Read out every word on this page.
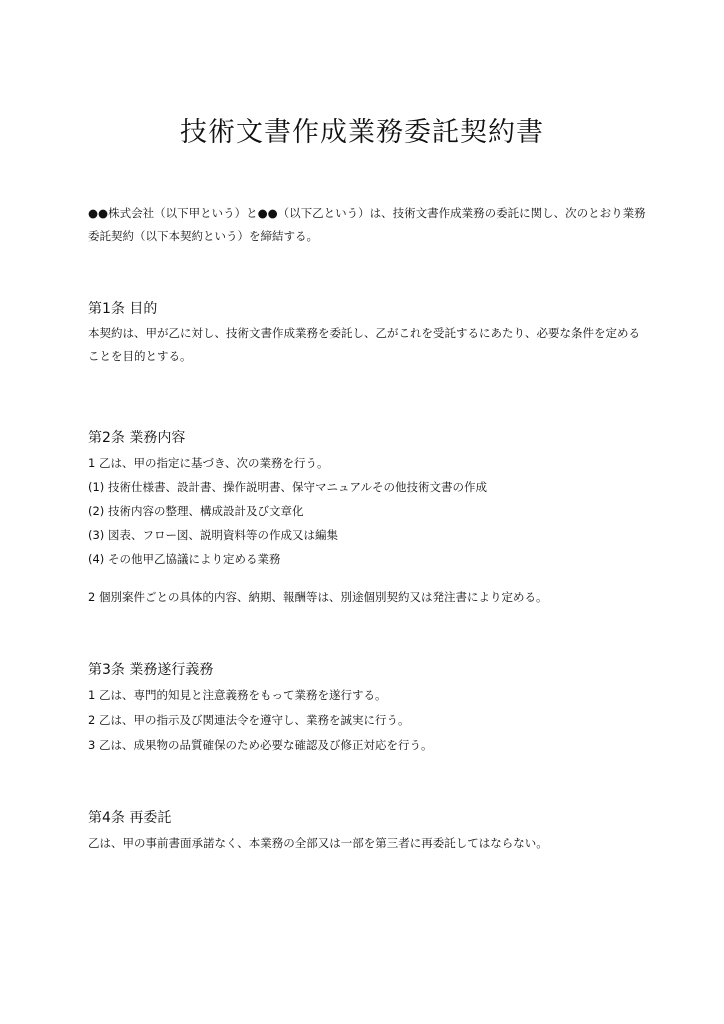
技術文書作成業務委託契約書
●●株式会社（以下甲という）と●●（以下乙という）は、技術文書作成業務の委託に関し、次のとおり業務委託契約（以下本契約という）を締結する。
第1条 目的
本契約は、甲が乙に対し、技術文書作成業務を委託し、乙がこれを受託するにあたり、必要な条件を定めることを目的とする。
第2条 業務内容
1 乙は、甲の指定に基づき、次の業務を行う。
(1) 技術仕様書、設計書、操作説明書、保守マニュアルその他技術文書の作成
(2) 技術内容の整理、構成設計及び文章化
(3) 図表、フロー図、説明資料等の作成又は編集
(4) その他甲乙協議により定める業務
2 個別案件ごとの具体的内容、納期、報酬等は、別途個別契約又は発注書により定める。
第3条 業務遂行義務
1 乙は、専門的知見と注意義務をもって業務を遂行する。
2 乙は、甲の指示及び関連法令を遵守し、業務を誠実に行う。
3 乙は、成果物の品質確保のため必要な確認及び修正対応を行う。
第4条 再委託
乙は、甲の事前書面承諾なく、本業務の全部又は一部を第三者に再委託してはならない。
